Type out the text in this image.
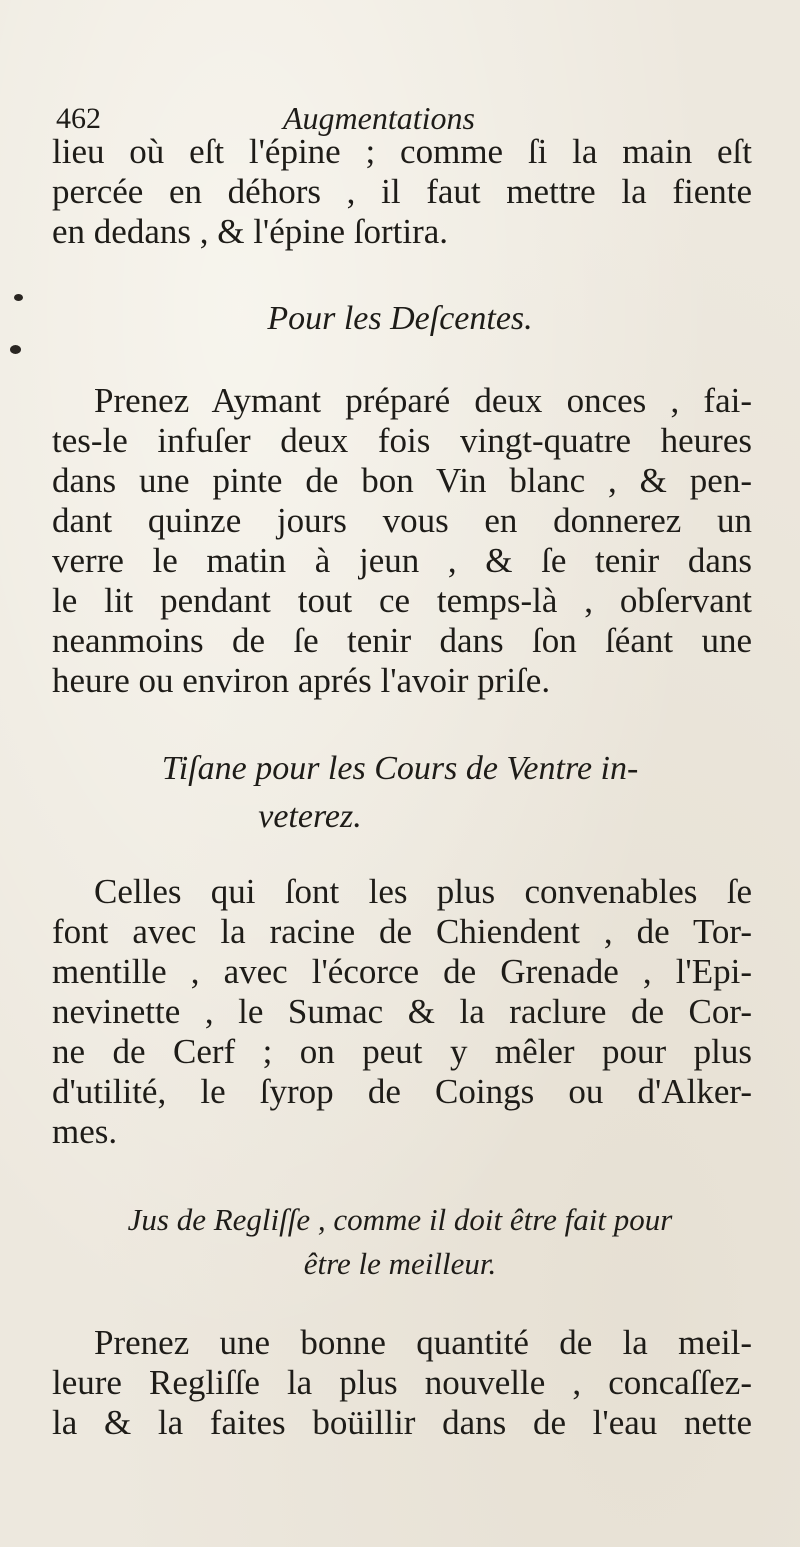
462	Augmentations
lieu où eſt l'épine ; comme ſi la main eſt
percée en déhors , il faut mettre la fiente
en dedans , & l'épine ſortira.
Pour les Deſcentes.
Prenez Aymant préparé deux onces , fai-
tes-le infuſer deux fois vingt-quatre heures
dans une pinte de bon Vin blanc , & pen-
dant quinze jours vous en donnerez un
verre le matin à jeun , & ſe tenir dans
le lit pendant tout ce temps-là , obſervant
neanmoins de ſe tenir dans ſon ſéant une
heure ou environ aprés l'avoir priſe.
Tiſane pour les Cours de Ventre in-
veterez.
Celles qui ſont les plus convenables ſe
font avec la racine de Chiendent , de Tor-
mentille , avec l'écorce de Grenade , l'Epi-
nevinette , le Sumac & la raclure de Cor-
ne de Cerf ; on peut y mêler pour plus
d'utilité, le ſyrop de Coings ou d'Alker-
mes.
Jus de Regliſſe , comme il doit être fait pour
être le meilleur.
Prenez une bonne quantité de la meil-
leure Regliſſe la plus nouvelle , concaſſez-
la & la faites boüillir dans de l'eau nette
